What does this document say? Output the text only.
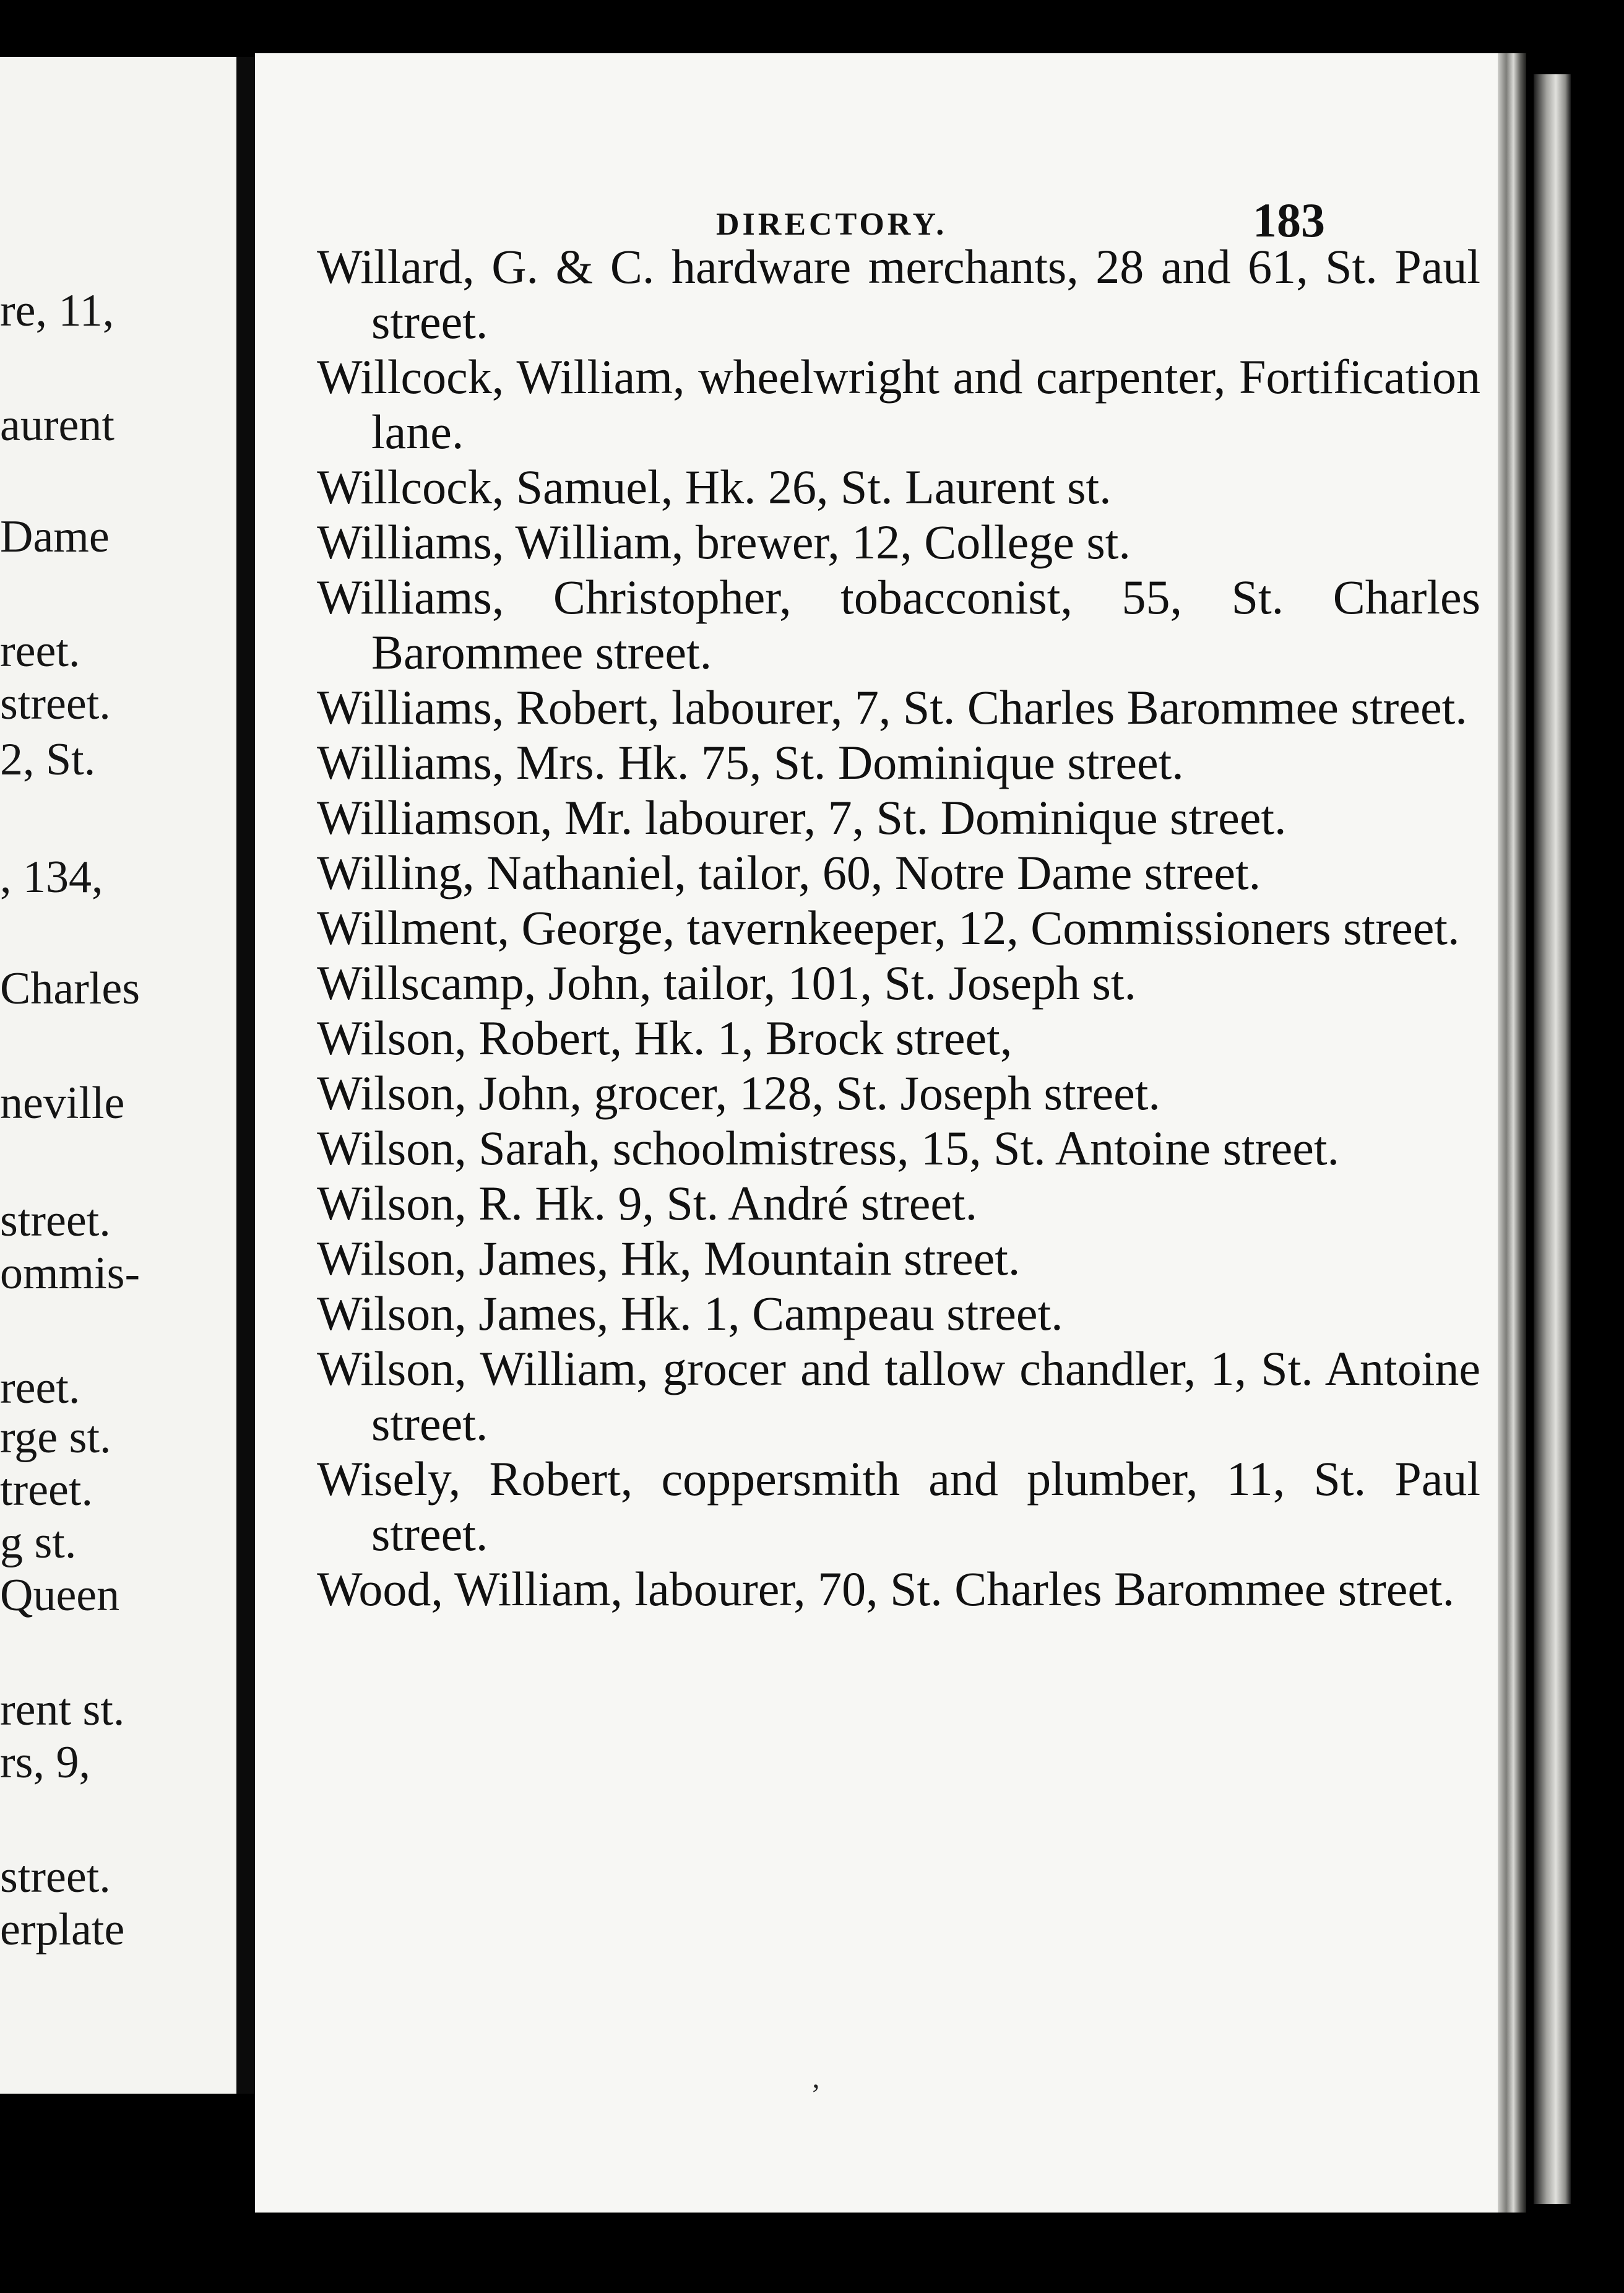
re, 11,
aurent
Dame
reet.
street.
2, St.
, 134,
Charles
neville
street.
ommis-
reet.
rge st.
treet.
g st.
Queen
rent st.
rs, 9,
street.
erplate
DIRECTORY.	183

Willard, G. & C. hardware merchants, 28 and 61, St. Paul street.

Willcock, William, wheelwright and carpenter, Fortification lane.

Willcock, Samuel, Hk. 26, St. Laurent st.

Williams, William, brewer, 12, College st.

Williams, Christopher, tobacconist, 55, St. Charles Barommee street.

Williams, Robert, labourer, 7, St. Charles Barommee street.

Williams, Mrs. Hk. 75, St. Dominique street.

Williamson, Mr. labourer, 7, St. Dominique street.

Willing, Nathaniel, tailor, 60, Notre Dame street.

Willment, George, tavernkeeper, 12, Commissioners street.

Willscamp, John, tailor, 101, St. Joseph st.

Wilson, Robert, Hk. 1, Brock street,

Wilson, John, grocer, 128, St. Joseph street.

Wilson, Sarah, schoolmistress, 15, St. Antoine street.

Wilson, R. Hk. 9, St. André street.

Wilson, James, Hk, Mountain street.

Wilson, James, Hk. 1, Campeau street.

Wilson, William, grocer and tallow chandler, 1, St. Antoine street.

Wisely, Robert, coppersmith and plumber, 11, St. Paul street.

Wood, William, labourer, 70, St. Charles Barommee street.

’
